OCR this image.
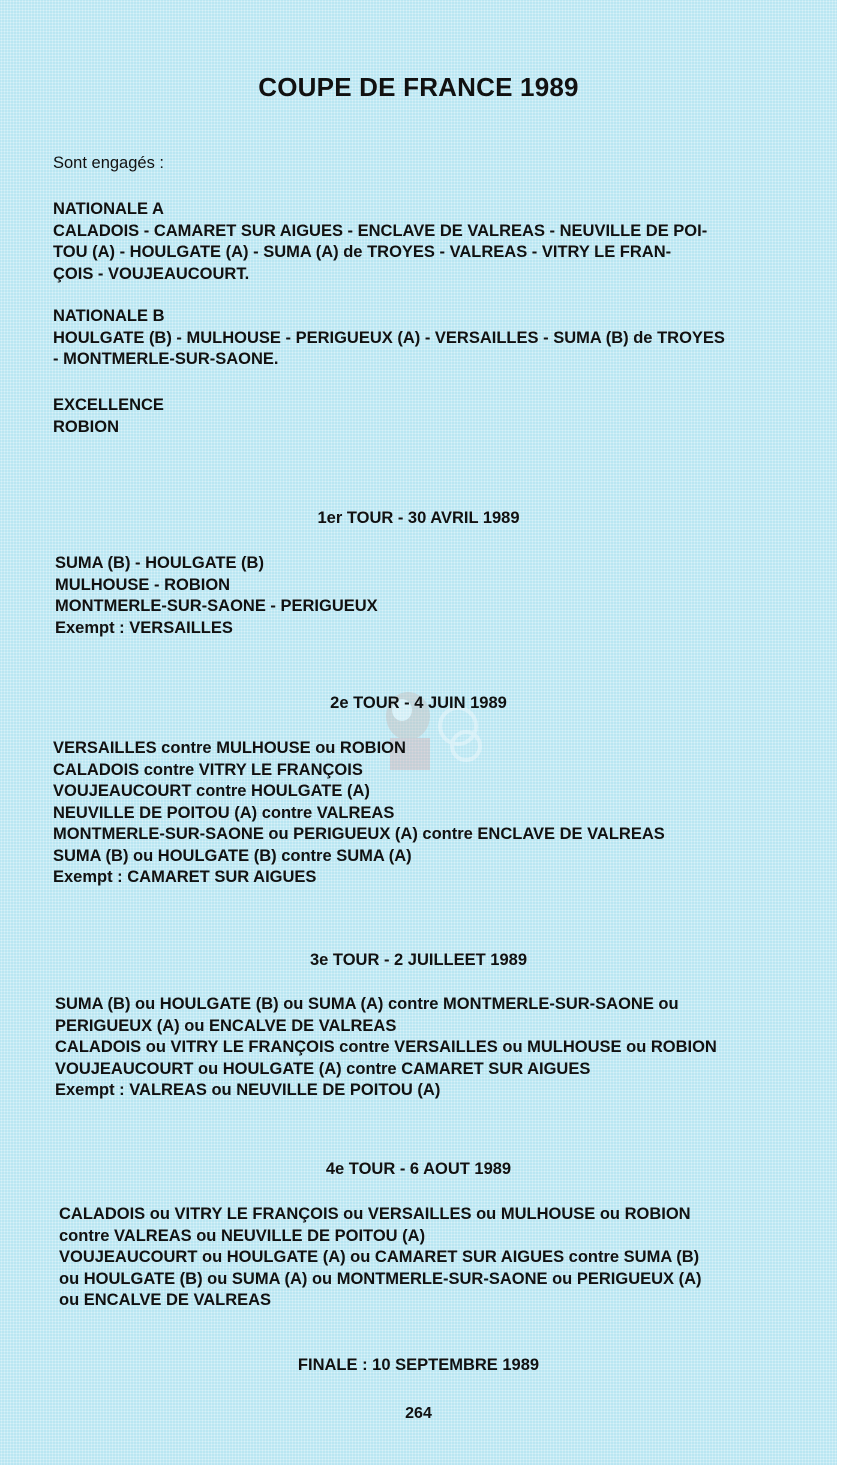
COUPE DE FRANCE 1989
Sont engagés :
NATIONALE A
CALADOIS - CAMARET SUR AIGUES - ENCLAVE DE VALREAS - NEUVILLE DE POI-
TOU (A) - HOULGATE (A) - SUMA (A) de TROYES - VALREAS - VITRY LE FRAN-
ÇOIS - VOUJEAUCOURT.
NATIONALE B
HOULGATE (B) - MULHOUSE - PERIGUEUX (A) - VERSAILLES - SUMA (B) de TROYES
- MONTMERLE-SUR-SAONE.
EXCELLENCE
ROBION
1er TOUR - 30 AVRIL 1989
SUMA (B) - HOULGATE (B)
MULHOUSE - ROBION
MONTMERLE-SUR-SAONE - PERIGUEUX
Exempt : VERSAILLES
2e TOUR - 4 JUIN 1989
VERSAILLES contre MULHOUSE ou ROBION
CALADOIS contre VITRY LE FRANÇOIS
VOUJEAUCOURT contre HOULGATE (A)
NEUVILLE DE POITOU (A) contre VALREAS
MONTMERLE-SUR-SAONE ou PERIGUEUX (A) contre ENCLAVE DE VALREAS
SUMA (B) ou HOULGATE (B) contre SUMA (A)
Exempt : CAMARET SUR AIGUES
3e TOUR - 2 JUILLEET 1989
SUMA (B) ou HOULGATE (B) ou SUMA (A) contre MONTMERLE-SUR-SAONE ou
PERIGUEUX (A) ou ENCALVE DE VALREAS
CALADOIS ou VITRY LE FRANÇOIS contre VERSAILLES ou MULHOUSE ou ROBION
VOUJEAUCOURT ou HOULGATE (A) contre CAMARET SUR AIGUES
Exempt : VALREAS ou NEUVILLE DE POITOU (A)
4e TOUR - 6 AOUT 1989
CALADOIS ou VITRY LE FRANÇOIS ou VERSAILLES ou MULHOUSE ou ROBION
contre VALREAS ou NEUVILLE DE POITOU (A)
VOUJEAUCOURT ou HOULGATE (A) ou CAMARET SUR AIGUES contre SUMA (B)
ou HOULGATE (B) ou SUMA (A) ou MONTMERLE-SUR-SAONE ou PERIGUEUX (A)
ou ENCALVE DE VALREAS
FINALE : 10 SEPTEMBRE 1989
264
